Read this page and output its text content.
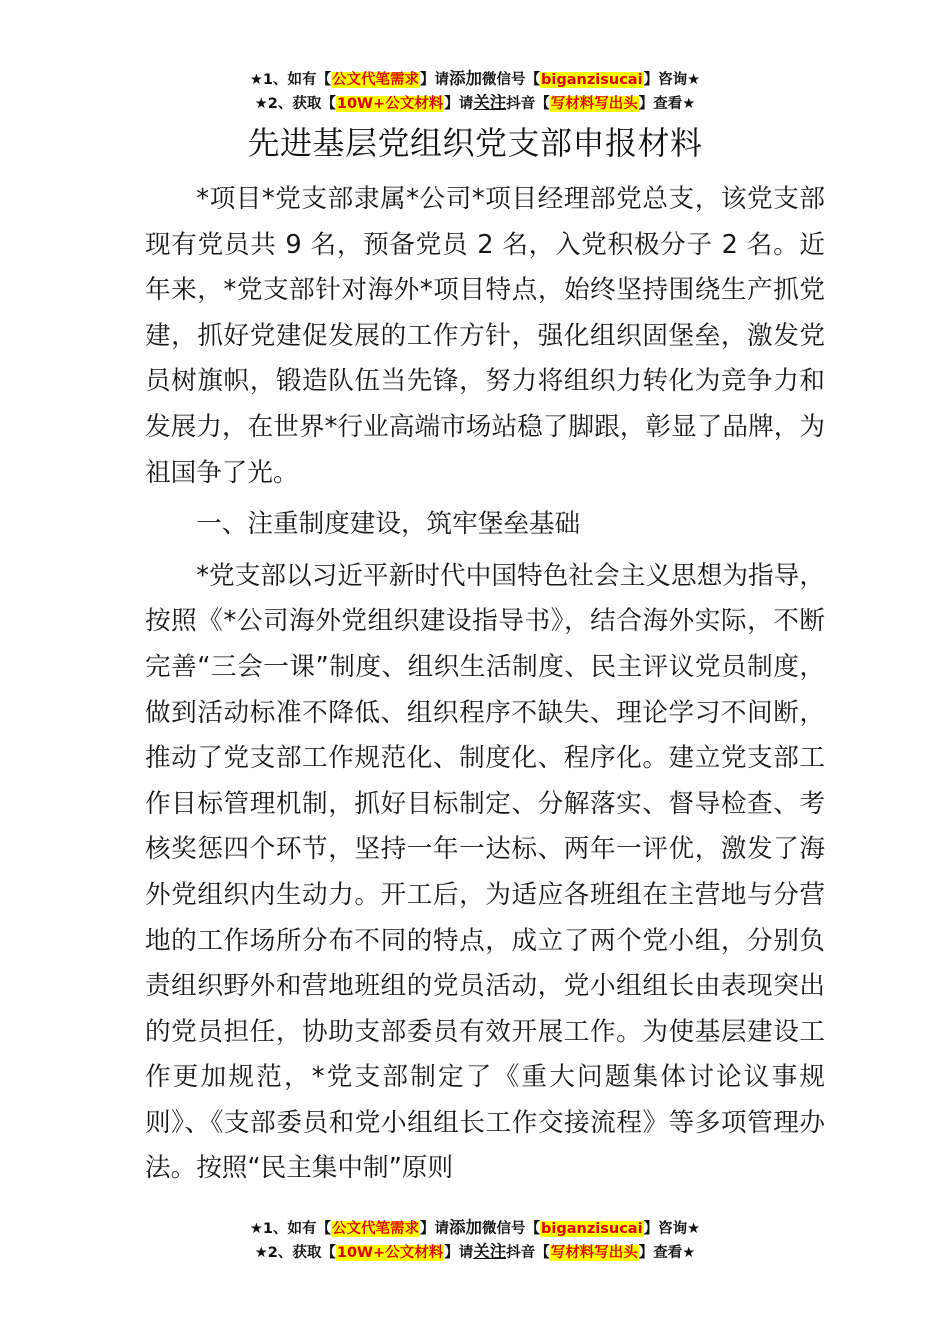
★1、如有【公文代笔需求】请添加微信号【biganzisucai】咨询★
★2、获取【10W+公文材料】请关注抖音【写材料写出头】查看★
先进基层党组织党支部申报材料

*项目*党支部隶属*公司*项目经理部党总支，该党支部现有党员共 9 名，预备党员 2 名，入党积极分子 2 名。近年来，*党支部针对海外*项目特点，始终坚持围绕生产抓党建，抓好党建促发展的工作方针，强化组织固堡垒，激发党员树旗帜，锻造队伍当先锋，努力将组织力转化为竞争力和发展力，在世界*行业高端市场站稳了脚跟，彰显了品牌，为祖国争了光。

一、注重制度建设，筑牢堡垒基础

*党支部以习近平新时代中国特色社会主义思想为指导，按照《*公司海外党组织建设指导书》，结合海外实际，不断完善“三会一课”制度、组织生活制度、民主评议党员制度，做到活动标准不降低、组织程序不缺失、理论学习不间断，推动了党支部工作规范化、制度化、程序化。建立党支部工作目标管理机制，抓好目标制定、分解落实、督导检查、考核奖惩四个环节，坚持一年一达标、两年一评优，激发了海外党组织内生动力。开工后，为适应各班组在主营地与分营地的工作场所分布不同的特点，成立了两个党小组，分别负责组织野外和营地班组的党员活动，党小组组长由表现突出的党员担任，协助支部委员有效开展工作。为使基层建设工作更加规范，*党支部制定了《重大问题集体讨论议事规则》、《支部委员和党小组组长工作交接流程》等多项管理办法。按照“民主集中制”原则

★1、如有【公文代笔需求】请添加微信号【biganzisucai】咨询★
★2、获取【10W+公文材料】请关注抖音【写材料写出头】查看★
